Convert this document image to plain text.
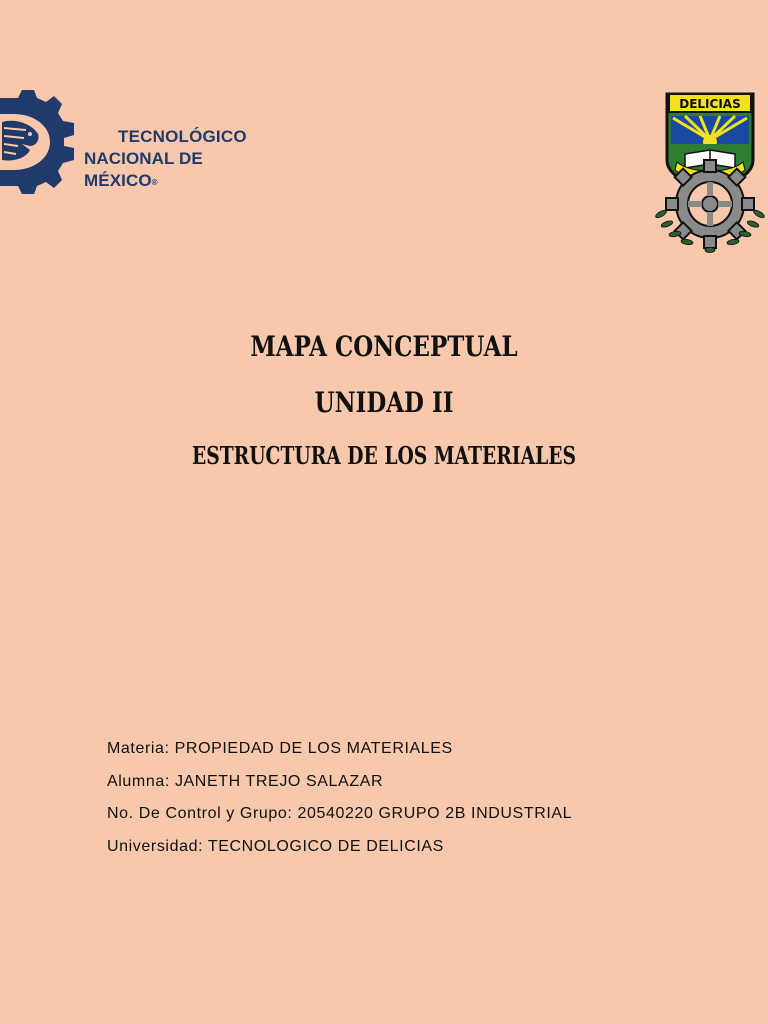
TECNOLÓGICO
NACIONAL DE MÉXICO®
DELICIAS
MAPA CONCEPTUAL
UNIDAD II
ESTRUCTURA DE LOS MATERIALES
Materia: PROPIEDAD DE LOS MATERIALES
Alumna: JANETH TREJO SALAZAR
No. De Control y Grupo: 20540220 GRUPO 2B INDUSTRIAL
Universidad: TECNOLOGICO DE DELICIAS
